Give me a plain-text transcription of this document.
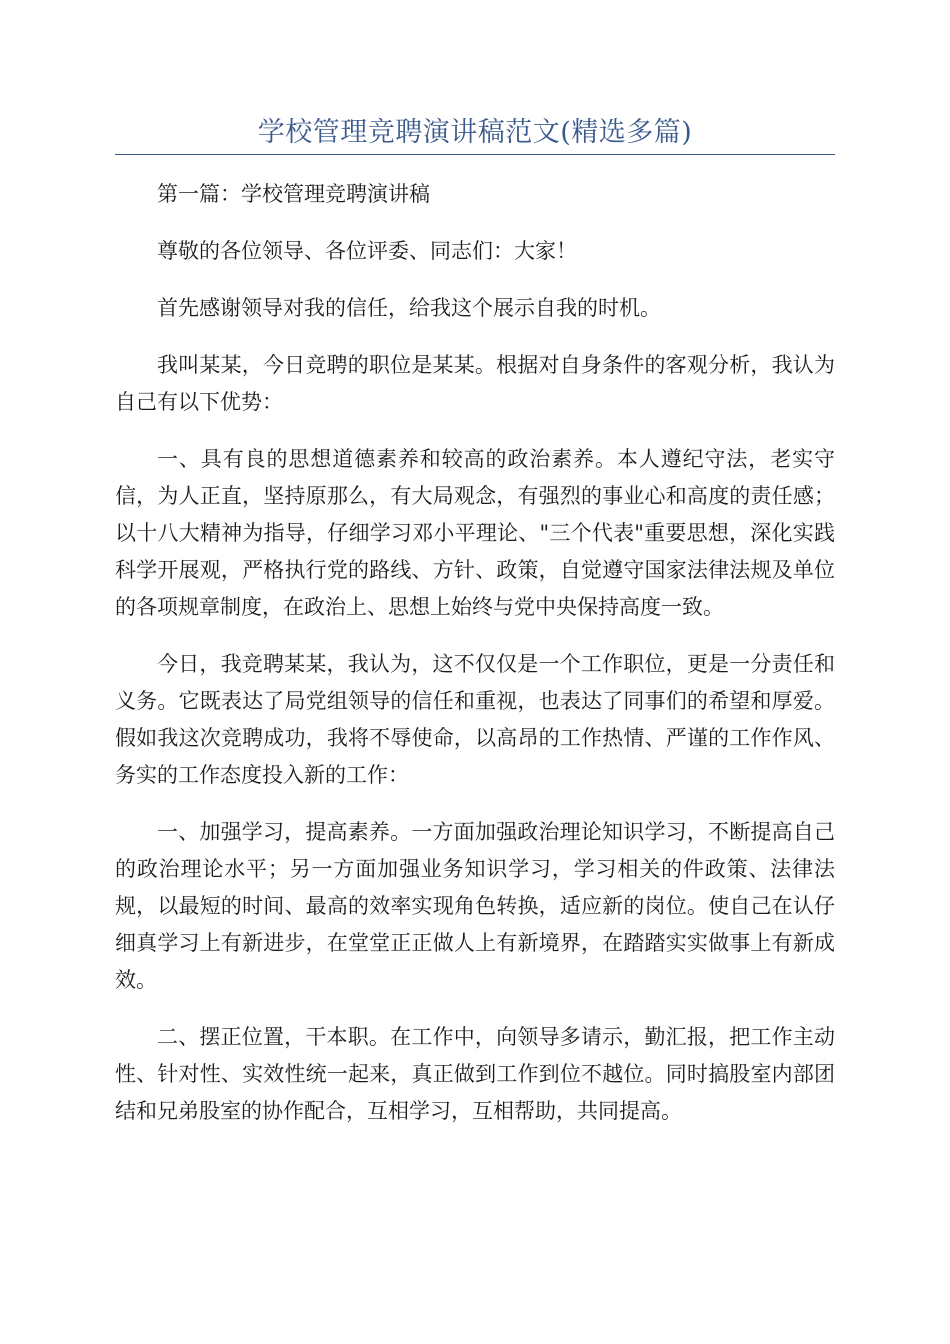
学校管理竞聘演讲稿范文(精选多篇)

第一篇：学校管理竞聘演讲稿

尊敬的各位领导、各位评委、同志们：大家！

首先感谢领导对我的信任，给我这个展示自我的时机。

我叫某某，今日竞聘的职位是某某。根据对自身条件的客观分析，我认为自己有以下优势：

一、具有良的思想道德素养和较高的政治素养。本人遵纪守法，老实守信，为人正直，坚持原那么，有大局观念，有强烈的事业心和高度的责任感；以十八大精神为指导，仔细学习邓小平理论、"三个代表"重要思想，深化实践科学开展观，严格执行党的路线、方针、政策，自觉遵守国家法律法规及单位的各项规章制度，在政治上、思想上始终与党中央保持高度一致。

今日，我竞聘某某，我认为，这不仅仅是一个工作职位，更是一分责任和义务。它既表达了局党组领导的信任和重视，也表达了同事们的希望和厚爱。假如我这次竞聘成功，我将不辱使命，以高昂的工作热情、严谨的工作作风、务实的工作态度投入新的工作：

一、加强学习，提高素养。一方面加强政治理论知识学习，不断提高自己的政治理论水平；另一方面加强业务知识学习，学习相关的件政策、法律法规，以最短的时间、最高的效率实现角色转换，适应新的岗位。使自己在认仔细真学习上有新进步，在堂堂正正做人上有新境界，在踏踏实实做事上有新成效。

二、摆正位置，干本职。在工作中，向领导多请示，勤汇报，把工作主动性、针对性、实效性统一起来，真正做到工作到位不越位。同时搞股室内部团结和兄弟股室的协作配合，互相学习，互相帮助，共同提高。
